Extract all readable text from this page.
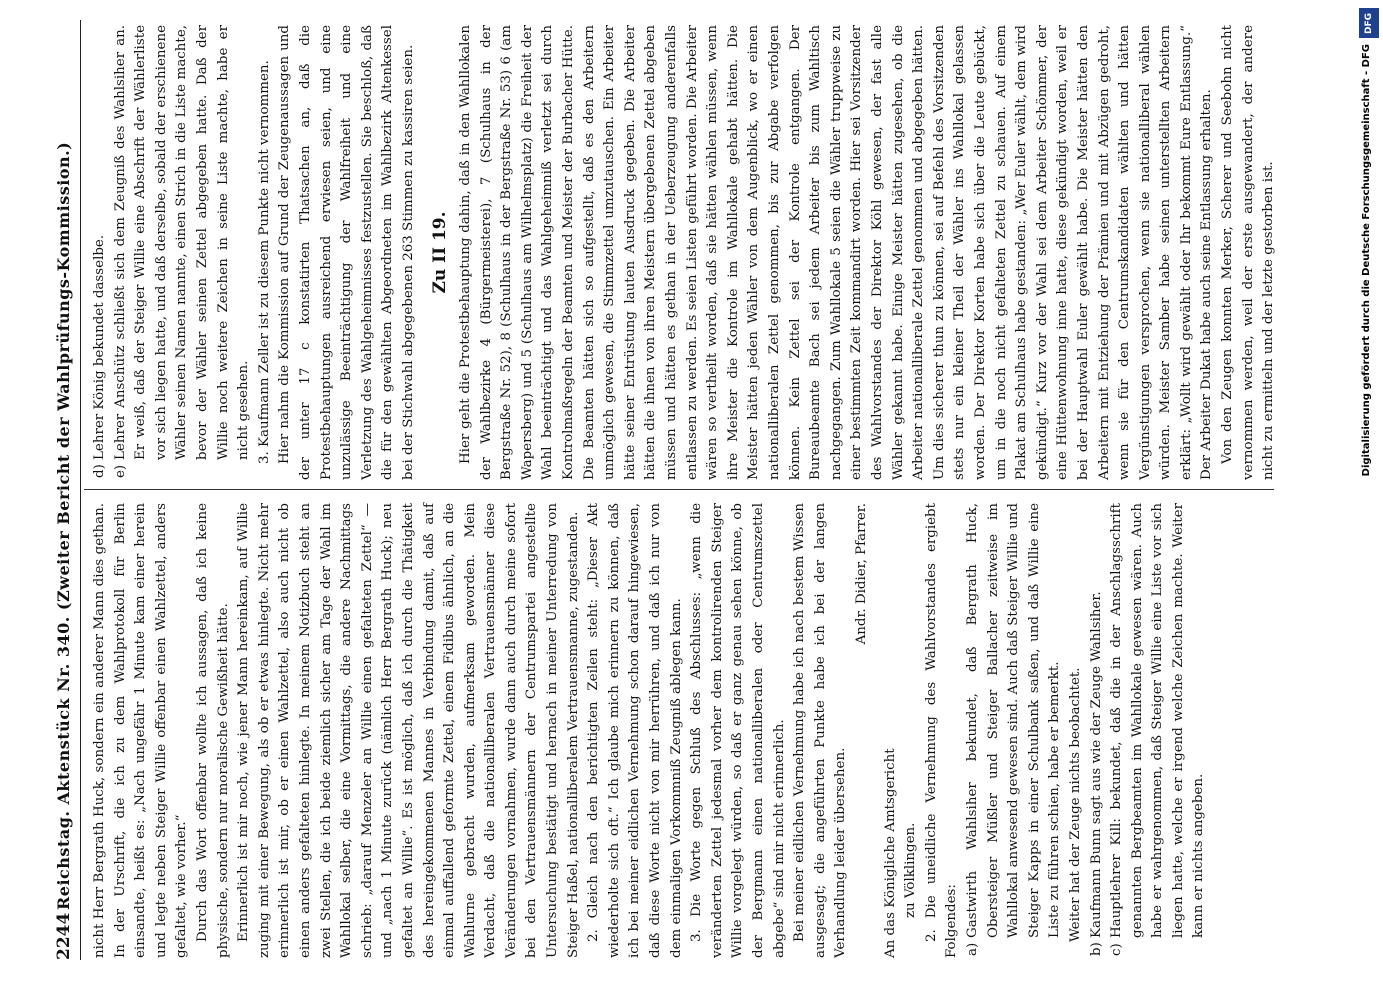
2244
Reichstag. Aktenstück Nr. 340. (Zweiter Bericht der Wahlprüfungs-Kommission.) nicht Herr Bergrath Huck, sondern ein anderer Mann dies gethan. In der Urschrift, die ich zu dem Wahlprotokoll für Berlin einsandte, heißt es: „Nach ungefähr 1 Minute kam einer herein und legte neben Steiger Willie offenbar einen Wahlzettel, anders gefaltet, wie vorher.“ Durch das Wort offenbar wollte ich aussagen, daß ich keine physische, sondern nur moralische Gewißheit hätte. Erinnerlich ist mir noch, wie jener Mann hereinkam, auf Willie zuging mit einer Bewegung, als ob er etwas hinlegte. Nicht mehr erinnerlich ist mir, ob er einen Wahlzettel, also auch nicht ob einen anders gefalteten hinlegte. In meinem Notizbuch steht an zwei Stellen, die ich beide ziemlich sicher am Tage der Wahl im Wahllokal selber, die eine Vormittags, die andere Nachmittags schrieb: „darauf Menzeler an Willie einen gefalteten Zettel“ — und „nach 1 Minute zurück (nämlich Herr Bergrath Huck); neu gefaltet an Willie“. Es ist möglich, daß ich durch die Thätigkeit des hereingekommenen Mannes in Verbindung damit, daß auf einmal auffallend geformte Zettel, einem Fidibus ähnlich, an die Wahlurne gebracht wurden, aufmerksam geworden. Mein Verdacht, daß die nationalliberalen Vertrauensmänner diese Veränderungen vornahmen, wurde dann auch durch meine sofort bei den Vertrauensmännern der Centrumspartei angestellte Untersuchung bestätigt und hernach in meiner Unterredung von Steiger Haßel, nationalliberalem Vertrauensmanne, zugestanden. 2. Gleich nach den berichtigten Zeilen steht: „Dieser Akt wiederholte sich oft.“ Ich glaube mich erinnern zu können, daß ich bei meiner eidlichen Vernehmung schon darauf hingewiesen, daß diese Worte nicht von mir herrühren, und daß ich nur von dem einmaligen Vorkommniß Zeugniß ablegen kann. 3. Die Worte gegen Schluß des Abschlusses: „wenn die veränderten Zettel jedesmal vorher dem kontrolirenden Steiger Willie vorgelegt würden, so daß er ganz genau sehen könne, ob der Bergmann einen nationalliberalen oder Centrumszettel abgebe“ sind mir nicht erinnerlich. Bei meiner eidlichen Vernehmung habe ich nach bestem Wissen ausgesagt; die angeführten Punkte habe ich bei der langen Verhandlung leider übersehen.

Andr. Didier, Pfarrer.

An das Königliche Amtsgericht zu Völklingen. 2. Die uneidliche Vernehmung des Wahlvorstandes ergiebt Folgendes: a)
Gastwirth Wahlsiher bekundet, daß Bergrath Huck, Obersteiger Müßler und Steiger Ballacher zeitweise im Wahllokal anwesend gewesen sind. Auch daß Steiger Willie und Steiger Kapps in einer Schulbank saßen, und daß Willie eine Liste zu führen schien, habe er bemerkt. Weiter hat der Zeuge nichts beobachtet.

b)
Kaufmann Bunn sagt aus wie der Zeuge Wahlsiher.

c)
Hauptlehrer Kill: bekundet, daß die in der Anschlagsschrift genannten Bergbeamten im Wahllokale gewesen wären. Auch habe er wahrgenommen, daß Steiger Willie eine Liste vor sich liegen hatte, welche er irgend welche Zeichen machte. Weiter kann er nichts angeben.

d)
Lehrer König bekundet dasselbe.

e)
Lehrer Anschütz schließt sich dem Zeugniß des Wahlsiher an. Er weiß, daß der Steiger Willie eine Abschrift der Wählerliste vor sich liegen hatte, und daß derselbe, sobald der erschienene Wähler seinen Namen nannte, einen Strich in die Liste machte, bevor der Wähler seinen Zettel abgegeben hatte. Daß der Willie noch weitere Zeichen in seine Liste machte, habe er nicht gesehen. 3. Kaufmann Zeller ist zu diesem Punkte nicht vernommen. Hier nahm die Kommission auf Grund der Zeugenaussagen und der unter 17 c konstatirten Thatsachen an, daß die Protestbehauptungen ausreichend erwiesen seien, und eine unzulässige Beeinträchtigung der Wahlfreiheit und eine Verletzung des Wahlgeheimnisses festzustellen. Sie beschloß, daß die für den gewählten Abgeordneten im Wahlbezirk Altenkessel bei der Stichwahl abgegebenen 263 Stimmen zu kassiren seien. Zu II 19. Hier geht die Protestbehauptung dahin, daß in den Wahllokalen der Wahlbezirke 4 (Bürgermeisterei), 7 (Schulhaus in der Bergstraße Nr. 52), 8 (Schulhaus in der Bergstraße Nr. 53) 6 (am Wapersberg) und 5 (Schulhaus am Wilhelmsplatz) die Freiheit der Wahl beeinträchtigt und das Wahlgeheimniß verletzt sei durch Kontrolmaßregeln der Beamten und Meister der Burbacher Hütte. Die Beamten hätten sich so aufgestellt, daß es den Arbeitern unmöglich gewesen, die Stimmzettel umzutauschen. Ein Arbeiter hätte seiner Entrüstung lauten Ausdruck gegeben. Die Arbeiter hätten die ihnen von ihren Meistern übergebenen Zettel abgeben müssen und hätten es gethan in der Ueberzeugung anderenfalls entlassen zu werden. Es seien Listen geführt worden. Die Arbeiter wären so vertheilt worden, daß sie hätten wählen müssen, wenn ihre Meister die Kontrole im Wahllokale gehabt hätten. Die Meister hätten jeden Wähler von dem Augenblick, wo er einen nationalliberalen Zettel genommen, bis zur Abgabe verfolgen können. Kein Zettel sei der Kontrole entgangen. Der Bureaubeamte Bach sei jedem Arbeiter bis zum Wahltisch nachgegangen. Zum Wahllokale 5 seien die Wähler truppweise zu einer bestimmten Zeit kommandirt worden. Hier sei Vorsitzender des Wahlvorstandes der Direktor Köhl gewesen, der fast alle Wähler gekannt habe. Einige Meister hätten zugesehen, ob die Arbeiter nationalliberale Zettel genommen und abgegeben hätten. Um dies sicherer thun zu können, sei auf Befehl des Vorsitzenden stets nur ein kleiner Theil der Wähler ins Wahllokal gelassen worden. Der Direktor Korten habe sich über die Leute gebückt, um in die noch nicht gefalteten Zettel zu schauen. Auf einem Plakat am Schulhaus habe gestanden: „Wer Euler wählt, dem wird gekündigt.“ Kurz vor der Wahl sei dem Arbeiter Schömmer, der eine Hüttenwohnung inne hatte, diese gekündigt worden, weil er bei der Hauptwahl Euler gewählt habe. Die Meister hätten den Arbeitern mit Entziehung der Prämien und mit Abzügen gedroht, wenn sie für den Centrumskandidaten wählten und hätten Vergünstigungen versprochen, wenn sie nationalliberal wählen würden. Meister Samber habe seinen unterstellten Arbeitern erklärt: „Wollt wird gewählt oder Ihr bekommt Eure Entlassung.“ Der Arbeiter Dukat habe auch seine Entlassung erhalten. Von den Zeugen konnten Merker, Scherer und Seebohn nicht vernommen werden, weil der erste ausgewandert, der andere nicht zu ermitteln und der letzte gestorben ist.

DFG
Digitalisierung gefördert durch die Deutsche Forschungsgemeinschaft - DFG
